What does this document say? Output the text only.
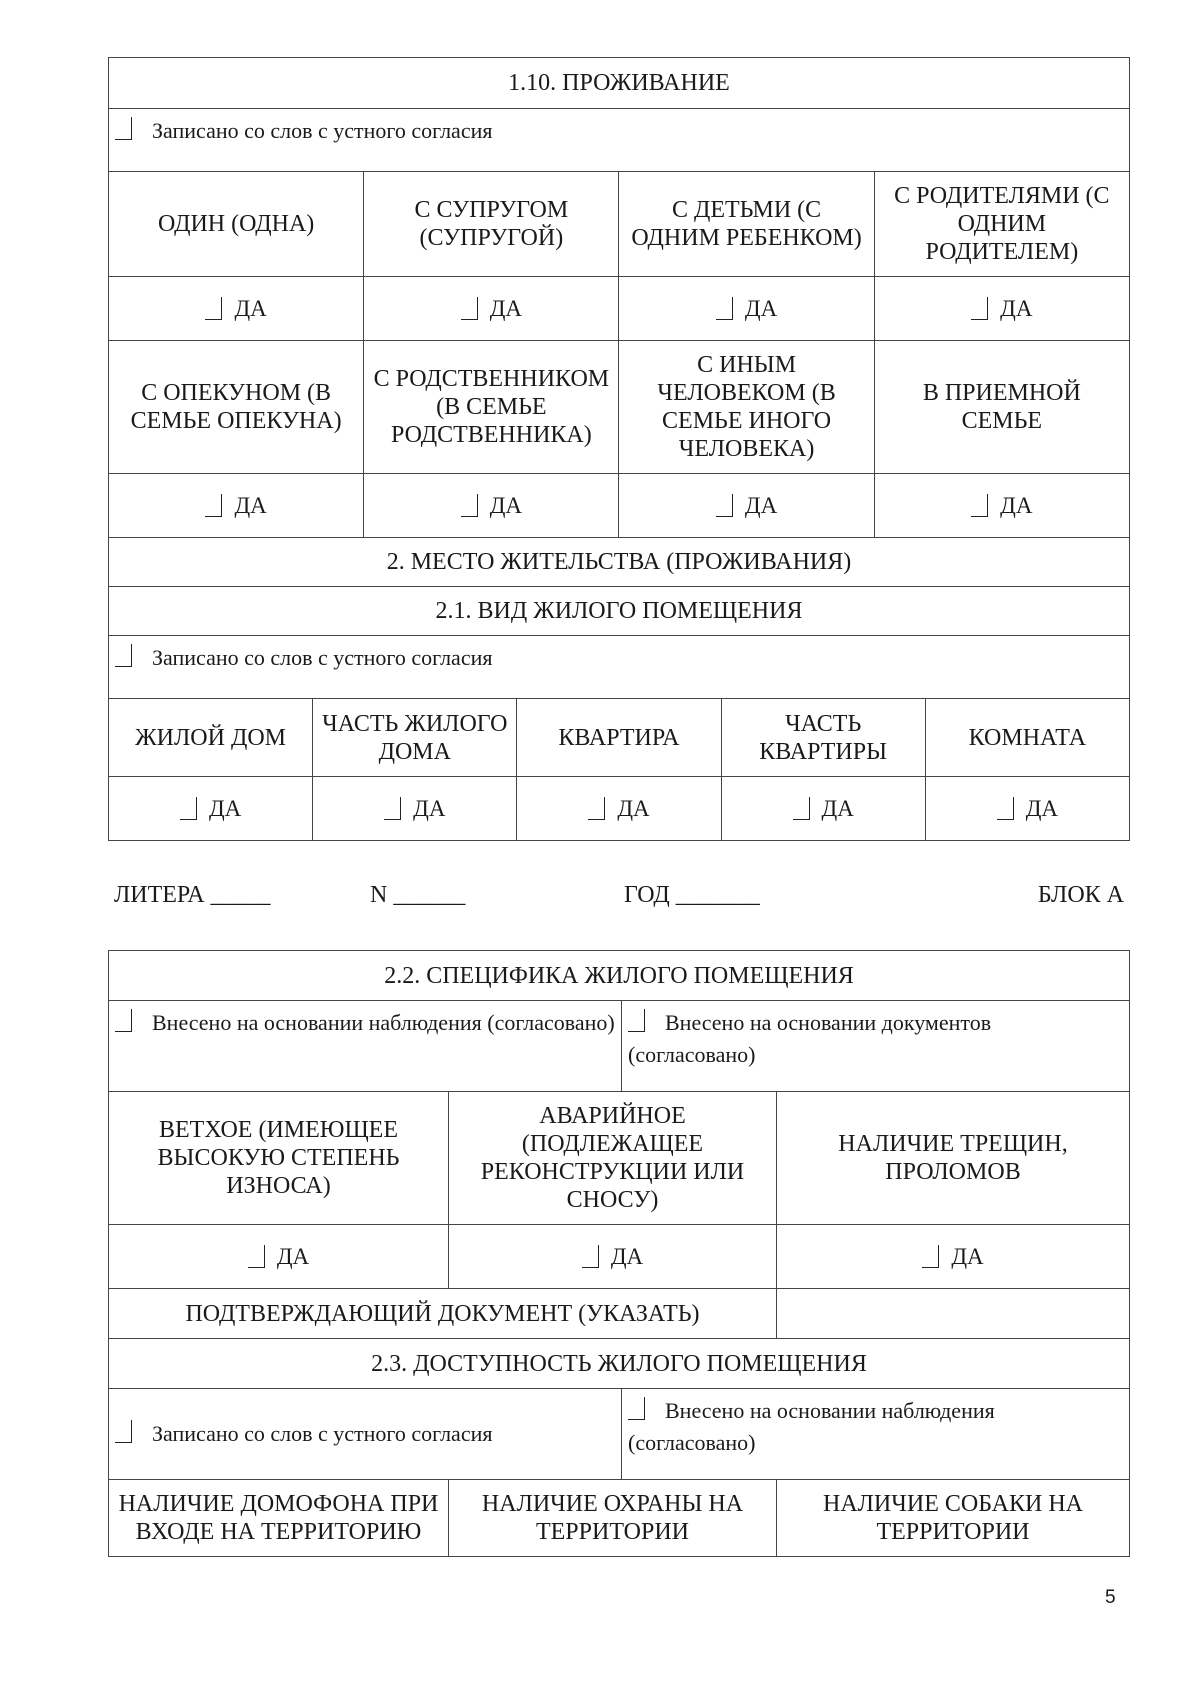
1.10. ПРОЖИВАНИЕ							
Записано со слов с устного согласия							
ОДИН (ОДНА)		С СУПРУГОМ (СУПРУГОЙ)		С ДЕТЬМИ (С ОДНИМ РЕБЕНКОМ)		С РОДИТЕЛЯМИ (С ОДНИМ РОДИТЕЛЕМ)	
ДА		ДА		ДА		ДА	
С ОПЕКУНОМ (В СЕМЬЕ ОПЕКУНА)		С РОДСТВЕННИКОМ (В СЕМЬЕ РОДСТВЕННИКА)		С ИНЫМ ЧЕЛОВЕКОМ (В СЕМЬЕ ИНОГО ЧЕЛОВЕКА)		В ПРИЕМНОЙ СЕМЬЕ	
ДА		ДА		ДА		ДА	
2. МЕСТО ЖИТЕЛЬСТВА (ПРОЖИВАНИЯ)							
2.1. ВИД ЖИЛОГО ПОМЕЩЕНИЯ							
Записано со слов с устного согласия							
ЖИЛОЙ ДОМ	ЧАСТЬ ЖИЛОГО ДОМА		КВАРТИРА		ЧАСТЬ КВАРТИРЫ		КОМНАТА
ДА	ДА		ДА		ДА		ДА
ЛИТЕРА _____	N ______	ГОД _______	БЛОК А
2.2. СПЕЦИФИКА ЖИЛОГО ПОМЕЩЕНИЯ			
Внесено на основании наблюдения (согласовано)		Внесено на основании документов (согласовано)	
ВЕТХОЕ (ИМЕЮЩЕЕ ВЫСОКУЮ СТЕПЕНЬ ИЗНОСА)	АВАРИЙНОЕ (ПОДЛЕЖАЩЕЕ РЕКОНСТРУКЦИИ ИЛИ СНОСУ)		НАЛИЧИЕ ТРЕЩИН, ПРОЛОМОВ
ДА	ДА		ДА
ПОДТВЕРЖДАЮЩИЙ ДОКУМЕНТ (УКАЗАТЬ)			
2.3. ДОСТУПНОСТЬ ЖИЛОГО ПОМЕЩЕНИЯ			
Записано со слов с устного согласия		Внесено на основании наблюдения (согласовано)	
НАЛИЧИЕ ДОМОФОНА ПРИ ВХОДЕ НА ТЕРРИТОРИЮ	НАЛИЧИЕ ОХРАНЫ НА ТЕРРИТОРИИ		НАЛИЧИЕ СОБАКИ НА ТЕРРИТОРИИ
5
